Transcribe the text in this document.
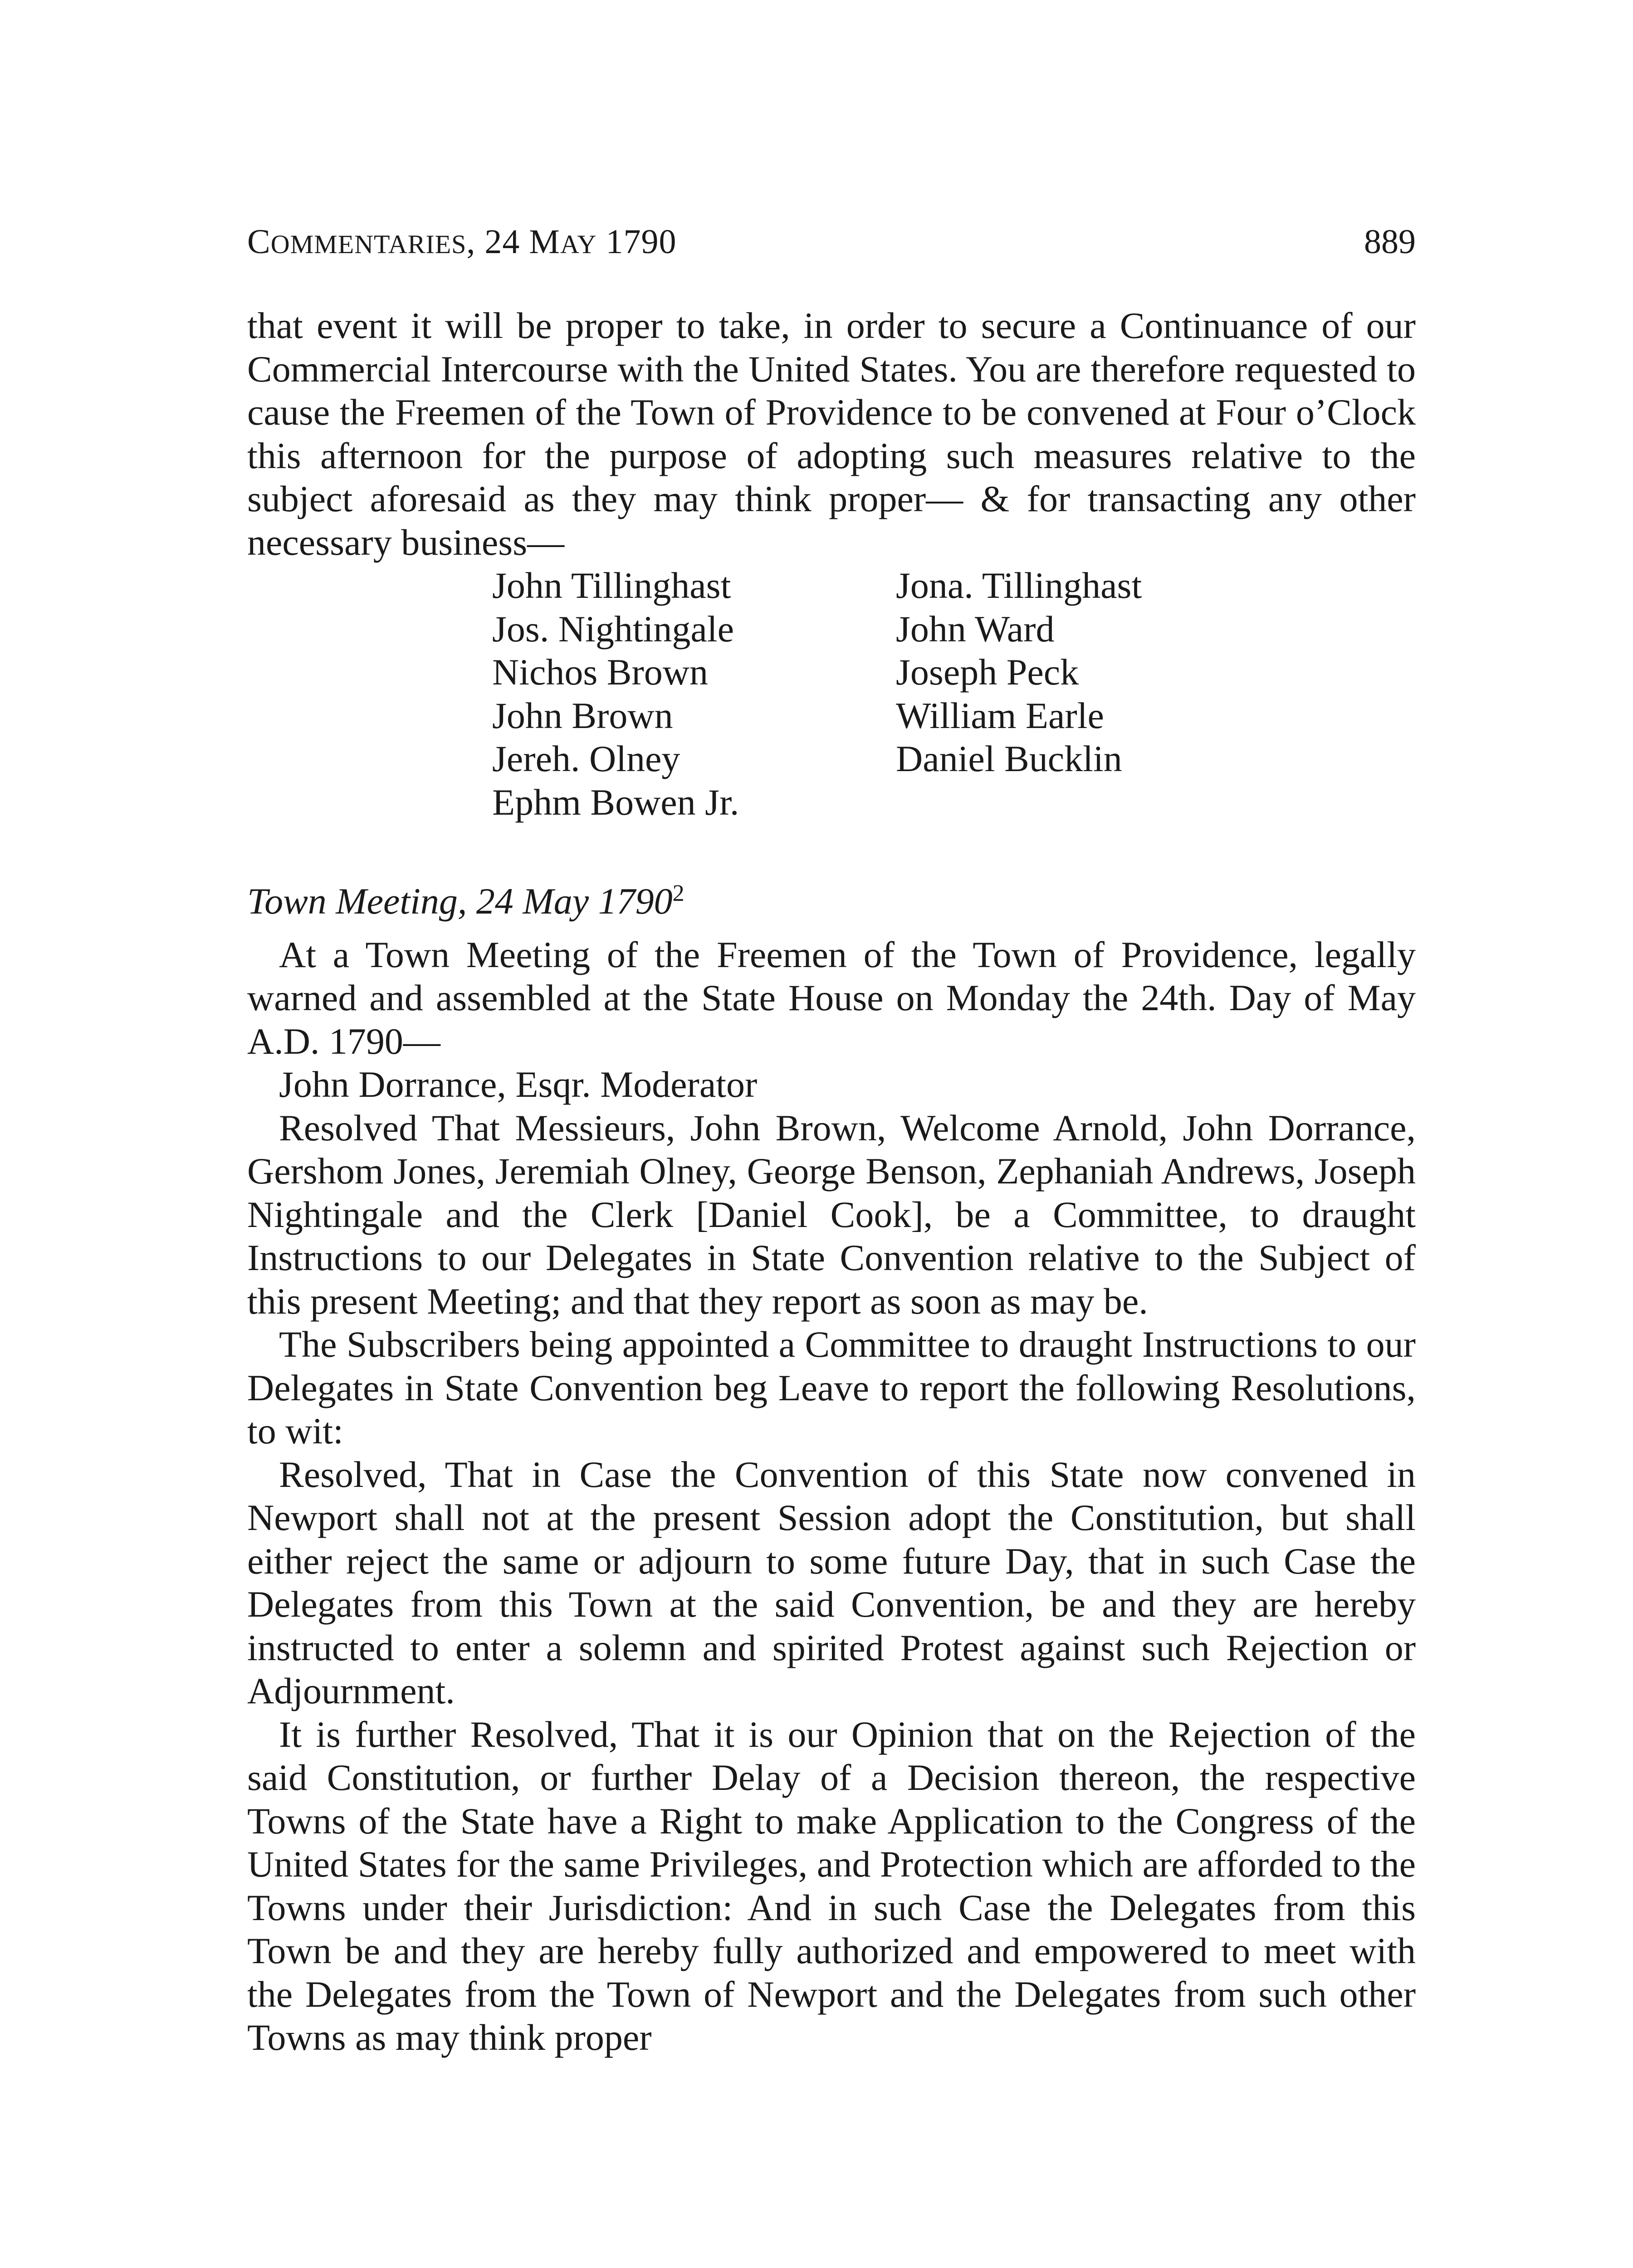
COMMENTARIES, 24 MAY 1790	889

that event it will be proper to take, in order to secure a Continuance of our Commercial Intercourse with the United States. You are therefore requested to cause the Freemen of the Town of Providence to be convened at Four o’Clock this afternoon for the purpose of adopting such measures relative to the subject aforesaid as they may think proper— & for transacting any other necessary business—

John Tillinghast
Jos. Nightingale
Nichos Brown
John Brown
Jereh. Olney
Ephm Bowen Jr.
Jona. Tillinghast
John Ward
Joseph Peck
William Earle
Daniel Bucklin
Town Meeting, 24 May 1790$^2$

At a Town Meeting of the Freemen of the Town of Providence, legally warned and assembled at the State House on Monday the 24th. Day of May A.D. 1790—

John Dorrance, Esqr. Moderator

Resolved That Messieurs, John Brown, Welcome Arnold, John Dorrance, Gershom Jones, Jeremiah Olney, George Benson, Zephaniah Andrews, Joseph Nightingale and the Clerk [Daniel Cook], be a Committee, to draught Instructions to our Delegates in State Convention relative to the Subject of this present Meeting; and that they report as soon as may be.

The Subscribers being appointed a Committee to draught Instructions to our Delegates in State Convention beg Leave to report the following Resolutions, to wit:

Resolved, That in Case the Convention of this State now convened in Newport shall not at the present Session adopt the Constitution, but shall either reject the same or adjourn to some future Day, that in such Case the Delegates from this Town at the said Convention, be and they are hereby instructed to enter a solemn and spirited Protest against such Rejection or Adjournment.

It is further Resolved, That it is our Opinion that on the Rejection of the said Constitution, or further Delay of a Decision thereon, the respective Towns of the State have a Right to make Application to the Congress of the United States for the same Privileges, and Protection which are afforded to the Towns under their Jurisdiction: And in such Case the Delegates from this Town be and they are hereby fully authorized and empowered to meet with the Delegates from the Town of Newport and the Delegates from such other Towns as may think proper
